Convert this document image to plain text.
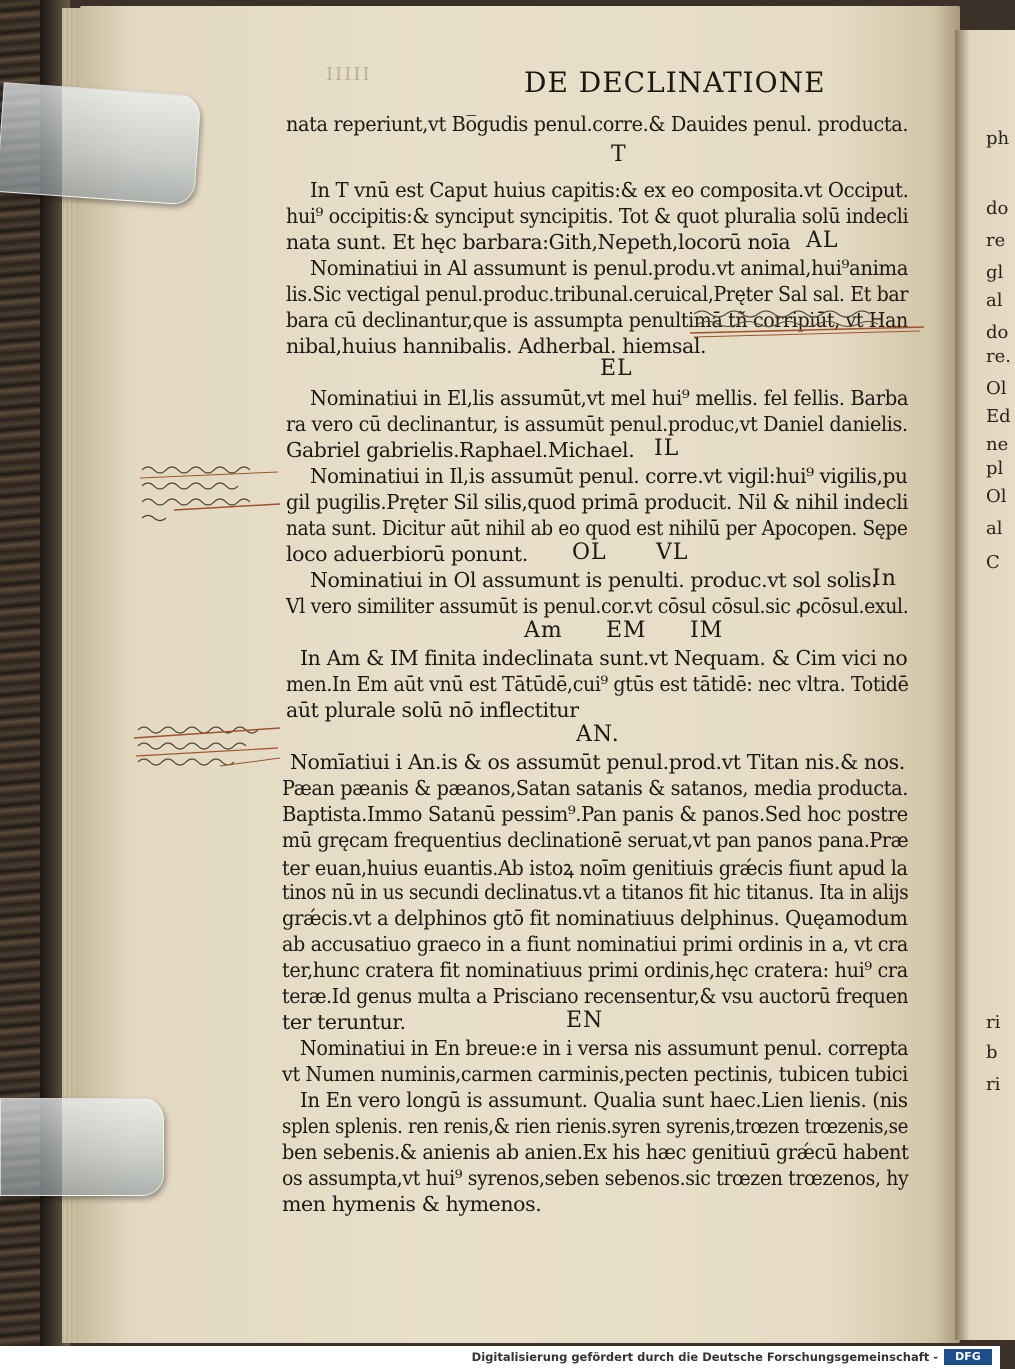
ph
do
re
gl
al
do
re.
Ol
Ed
ne
pl
Ol
al
C
ri
b
ri
IIIII	DE DECLINATIONE
nata reperiunt,vt Bo̅gudis penul.corre.& Dauides penul. producta.
In T vnū est Caput huius capitis:& ex eo composita.vt Occiput.
hui⁹ occipitis:& synciput syncipitis. Tot & quot pluralia solū indecli
nata sunt. Et hęc barbara:Gith,Nepeth,locorū noīa
Nominatiui in Al assumunt is penul.produ.vt animal,hui⁹anima
lis.Sic vectigal penul.produc.tribunal.ceruical,Pręter Sal sal. Et bar
bara cū declinantur,que is assumpta penultimā tñ corripiūt, vt Han
nibal,huius hannibalis. Adherbal. hiemsal.
Nominatiui in El,lis assumūt,vt mel hui⁹ mellis. fel fellis. Barba
ra vero cū declinantur, is assumūt penul.produc,vt Daniel danielis.
Gabriel gabrielis.Raphael.Michael.
Nominatiui in Il,is assumūt penul. corre.vt vigil:hui⁹ vigilis,pu
gil pugilis.Pręter Sil silis,quod primā producit. Nil & nihil indecli
nata sunt. Dicitur aūt nihil ab eo quod est nihilū per Apocopen. Sępe
loco aduerbiorū ponunt.
Nominatiui in Ol assumunt is penulti. produc.vt sol solis.
Vl vero similiter assumūt is penul.cor.vt cōsul cōsul.sic ꝓcōsul.exul.
In Am & IM finita indeclinata sunt.vt Nequam. & Cim vici no
men.In Em aūt vnū est Tātūdē,cui⁹ gtūs est tātidē: nec vltra. Totidē
aūt plurale solū nō inflectitur
Nomīatiui i An.is & os assumūt penul.prod.vt Titan nis.& nos.
Pæan pæanis & pæanos,Satan satanis & satanos, media producta.
Baptista.Immo Satanū pessim⁹.Pan panis & panos.Sed hoc postre
mū gręcam frequentius declinationē seruat,vt pan panos pana.Præ
ter euan,huius euantis.Ab istoꝝ noīm genitiuis grǽcis fiunt apud la
tinos nū in us secundi declinatus.vt a titanos fit hic titanus. Ita in alijs
grǽcis.vt a delphinos gtō fit nominatiuus delphinus. Quęamodum
ab accusatiuo graeco in a fiunt nominatiui primi ordinis in a, vt cra
ter,hunc cratera fit nominatiuus primi ordinis,hęc cratera: hui⁹ cra
teræ.Id genus multa a Prisciano recensentur,& vsu auctorū frequen
ter teruntur.
Nominatiui in En breue:e in i versa nis assumunt penul. correpta
vt Numen numinis,carmen carminis,pecten pectinis, tubicen tubici
In En vero longū is assumunt. Qualia sunt haec.Lien lienis. (nis
splen splenis. ren renis,& rien rienis.syren syrenis,trœzen trœzenis,se
ben sebenis.& anienis ab anien.Ex his hæc genitiuū grǽcū habent
os assumpta,vt hui⁹ syrenos,seben sebenos.sic trœzen trœzenos, hy
men hymenis & hymenos.
T
AL
EL
IL
OL VL
In
Am EM IM
AN.
EN
Digitalisierung gefördert durch die Deutsche Forschungsgemeinschaft -	DFG
